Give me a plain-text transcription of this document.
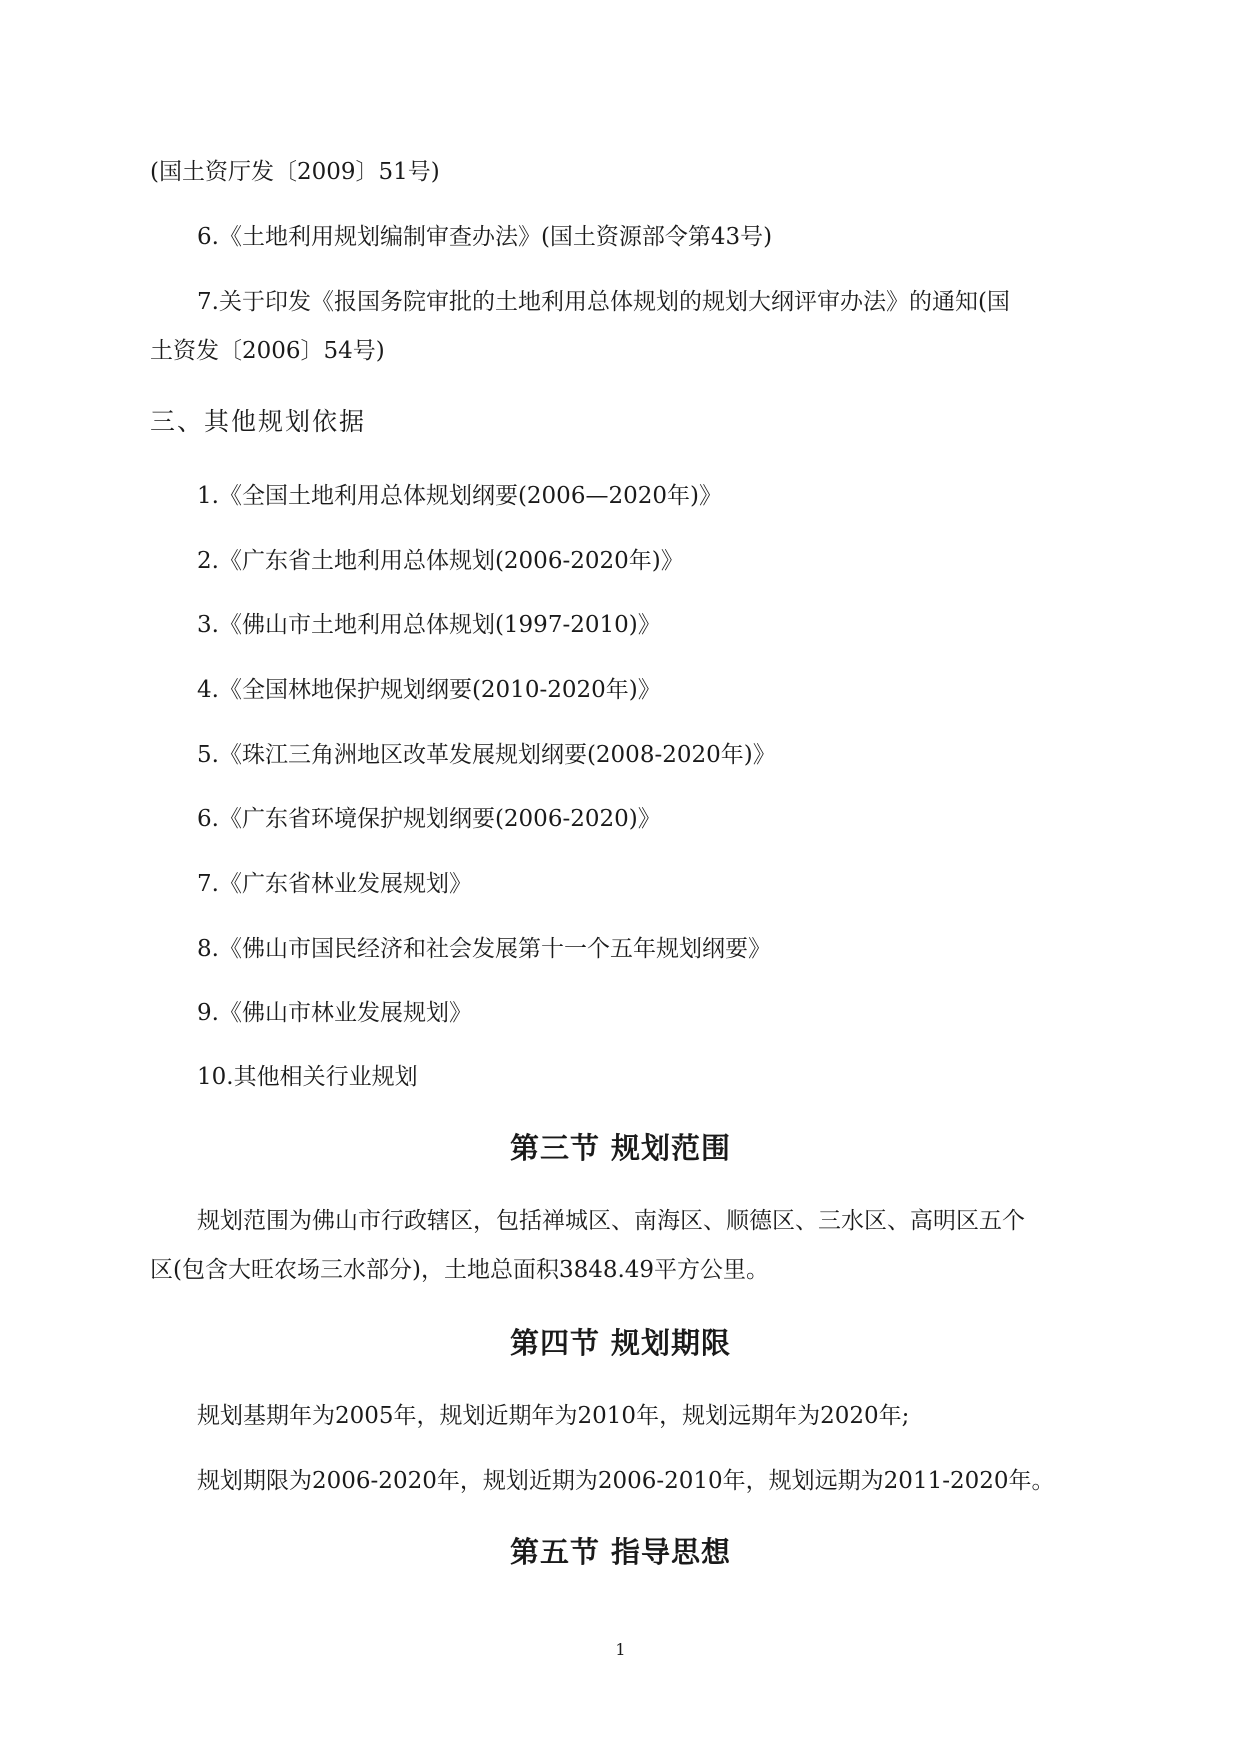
(国土资厅发〔2009〕51号)

6.《土地利用规划编制审查办法》(国土资源部令第43号)

7.关于印发《报国务院审批的土地利用总体规划的规划大纲评审办法》的通知(国

土资发〔2006〕54号)

三、其他规划依据

1.《全国土地利用总体规划纲要(2006—2020年)》

2.《广东省土地利用总体规划(2006-2020年)》

3.《佛山市土地利用总体规划(1997-2010)》

4.《全国林地保护规划纲要(2010-2020年)》

5.《珠江三角洲地区改革发展规划纲要(2008-2020年)》

6.《广东省环境保护规划纲要(2006-2020)》

7.《广东省林业发展规划》

8.《佛山市国民经济和社会发展第十一个五年规划纲要》

9.《佛山市林业发展规划》

10.其他相关行业规划

第三节 规划范围

规划范围为佛山市行政辖区，包括禅城区、南海区、顺德区、三水区、高明区五个

区(包含大旺农场三水部分)，土地总面积3848.49平方公里。

第四节 规划期限

规划基期年为2005年，规划近期年为2010年，规划远期年为2020年;

规划期限为2006-2020年，规划近期为2006-2010年，规划远期为2011-2020年。

第五节 指导思想
1
